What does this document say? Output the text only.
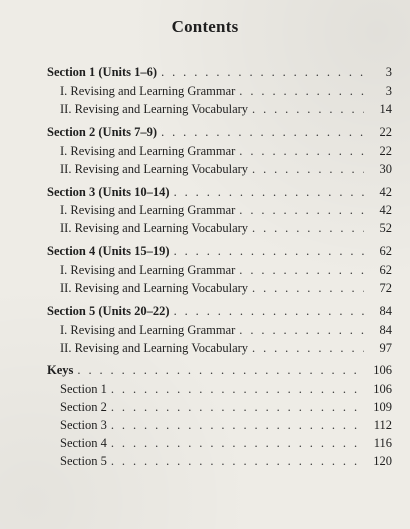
Contents
Section 1 (Units 1–6) . . .	3
I. Revising and Learning Grammar . . .	3
II. Revising and Learning Vocabulary . . .	14
Section 2 (Units 7–9) . . .	22
I. Revising and Learning Grammar . . .	22
II. Revising and Learning Vocabulary . . .	30
Section 3 (Units 10–14) . . .	42
I. Revising and Learning Grammar . . .	42
II. Revising and Learning Vocabulary . . .	52
Section 4 (Units 15–19) . . .	62
I. Revising and Learning Grammar . . .	62
II. Revising and Learning Vocabulary . . .	72
Section 5 (Units 20–22) . . .	84
I. Revising and Learning Grammar . . .	84
II. Revising and Learning Vocabulary . . .	97
Keys . . .	106
Section 1 . . .	106
Section 2 . . .	109
Section 3 . . .	112
Section 4 . . .	116
Section 5 . . .	120
